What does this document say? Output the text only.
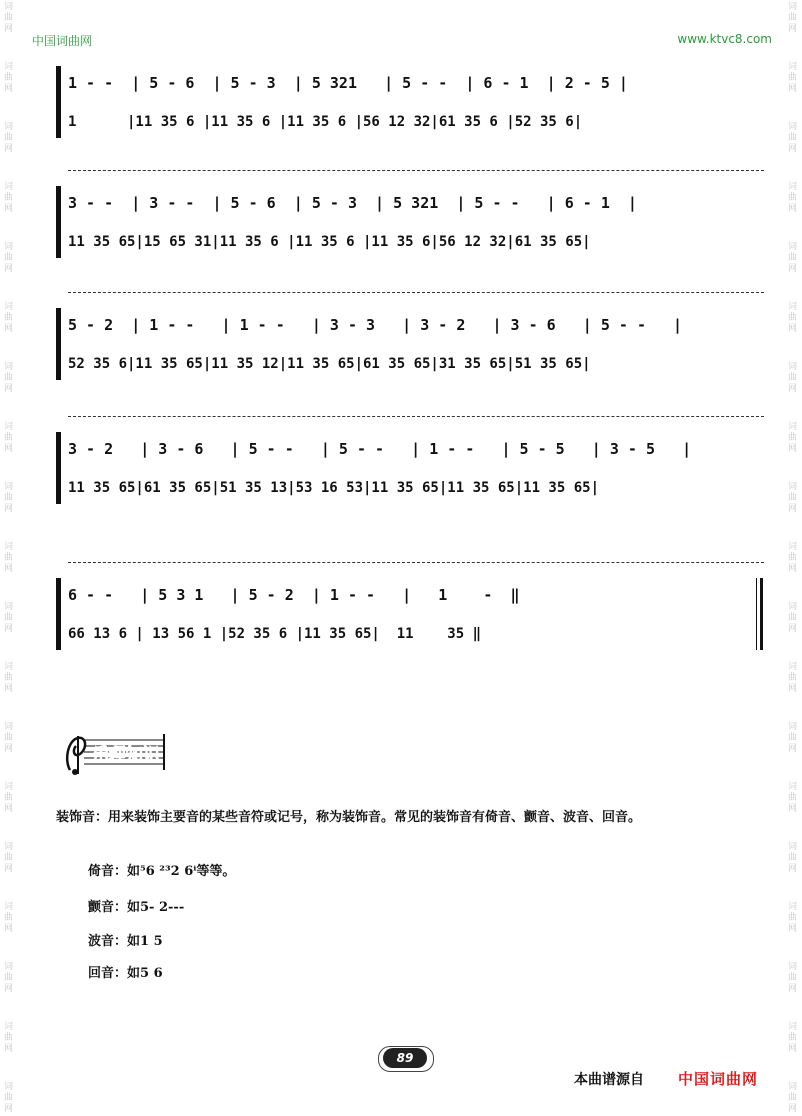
词
曲
网
词
曲
网
词
曲
网
词
曲
网
词
曲
网
词
曲
网
词
曲
网
词
曲
网
词
曲
网
词
曲
网
词
曲
网
词
曲
网
词
曲
网
词
曲
网
词
曲
网
词
曲
网
词
曲
网
词
曲
网
词
曲
网
词
曲
网
词
曲
网
词
曲
网
词
曲
网
词
曲
网
词
曲
网
词
曲
网
词
曲
网
词
曲
网
词
曲
网
词
曲
网
词
曲
网
词
曲
网
词
曲
网
词
曲
网
词
曲
网
词
曲
网
词
曲
网
词
曲
网
中国词曲网	www.ktvc8.com
1 - -  | 5 - 6  | 5 - 3  | 5 321   | 5 - -  | 6 - 1  | 2 - 5 |
1      |11 35 6 |11 35 6 |11 35 6 |56 12 32|61 35 6 |52 35 6|
3 - -  | 3 - -  | 5 - 6  | 5 - 3  | 5 321  | 5 - -   | 6 - 1  |
11 35 65|15 65 31|11 35 6 |11 35 6 |11 35 6|56 12 32|61 35 65|
5 - 2  | 1 - -   | 1 - -   | 3 - 3   | 3 - 2   | 3 - 6   | 5 - -   |
52 35 6|11 35 65|11 35 12|11 35 65|61 35 65|31 35 65|51 35 65|
3 - 2   | 3 - 6   | 5 - -   | 5 - -   | 1 - -   | 5 - 5   | 3 - 5   |
11 35 65|61 35 65|51 35 13|53 16 53|11 35 65|11 35 65|11 35 65|
6 - -   | 5 3 1   | 5 - 2  | 1 - -   |   1    -  ‖
66 13 6 | 13 56 1 |52 35 6 |11 35 65|  11    35 ‖
乐理知识
装饰音：用来装饰主要音的某些音符或记号，称为装饰音。常见的装饰音有倚音、颤音、波音、回音。
倚音：如⁵6 ²³2 6ⁱ等等。
颤音：如5- 2---
波音：如1 5
回音：如5 6
89
本曲谱源自 中国词曲网
